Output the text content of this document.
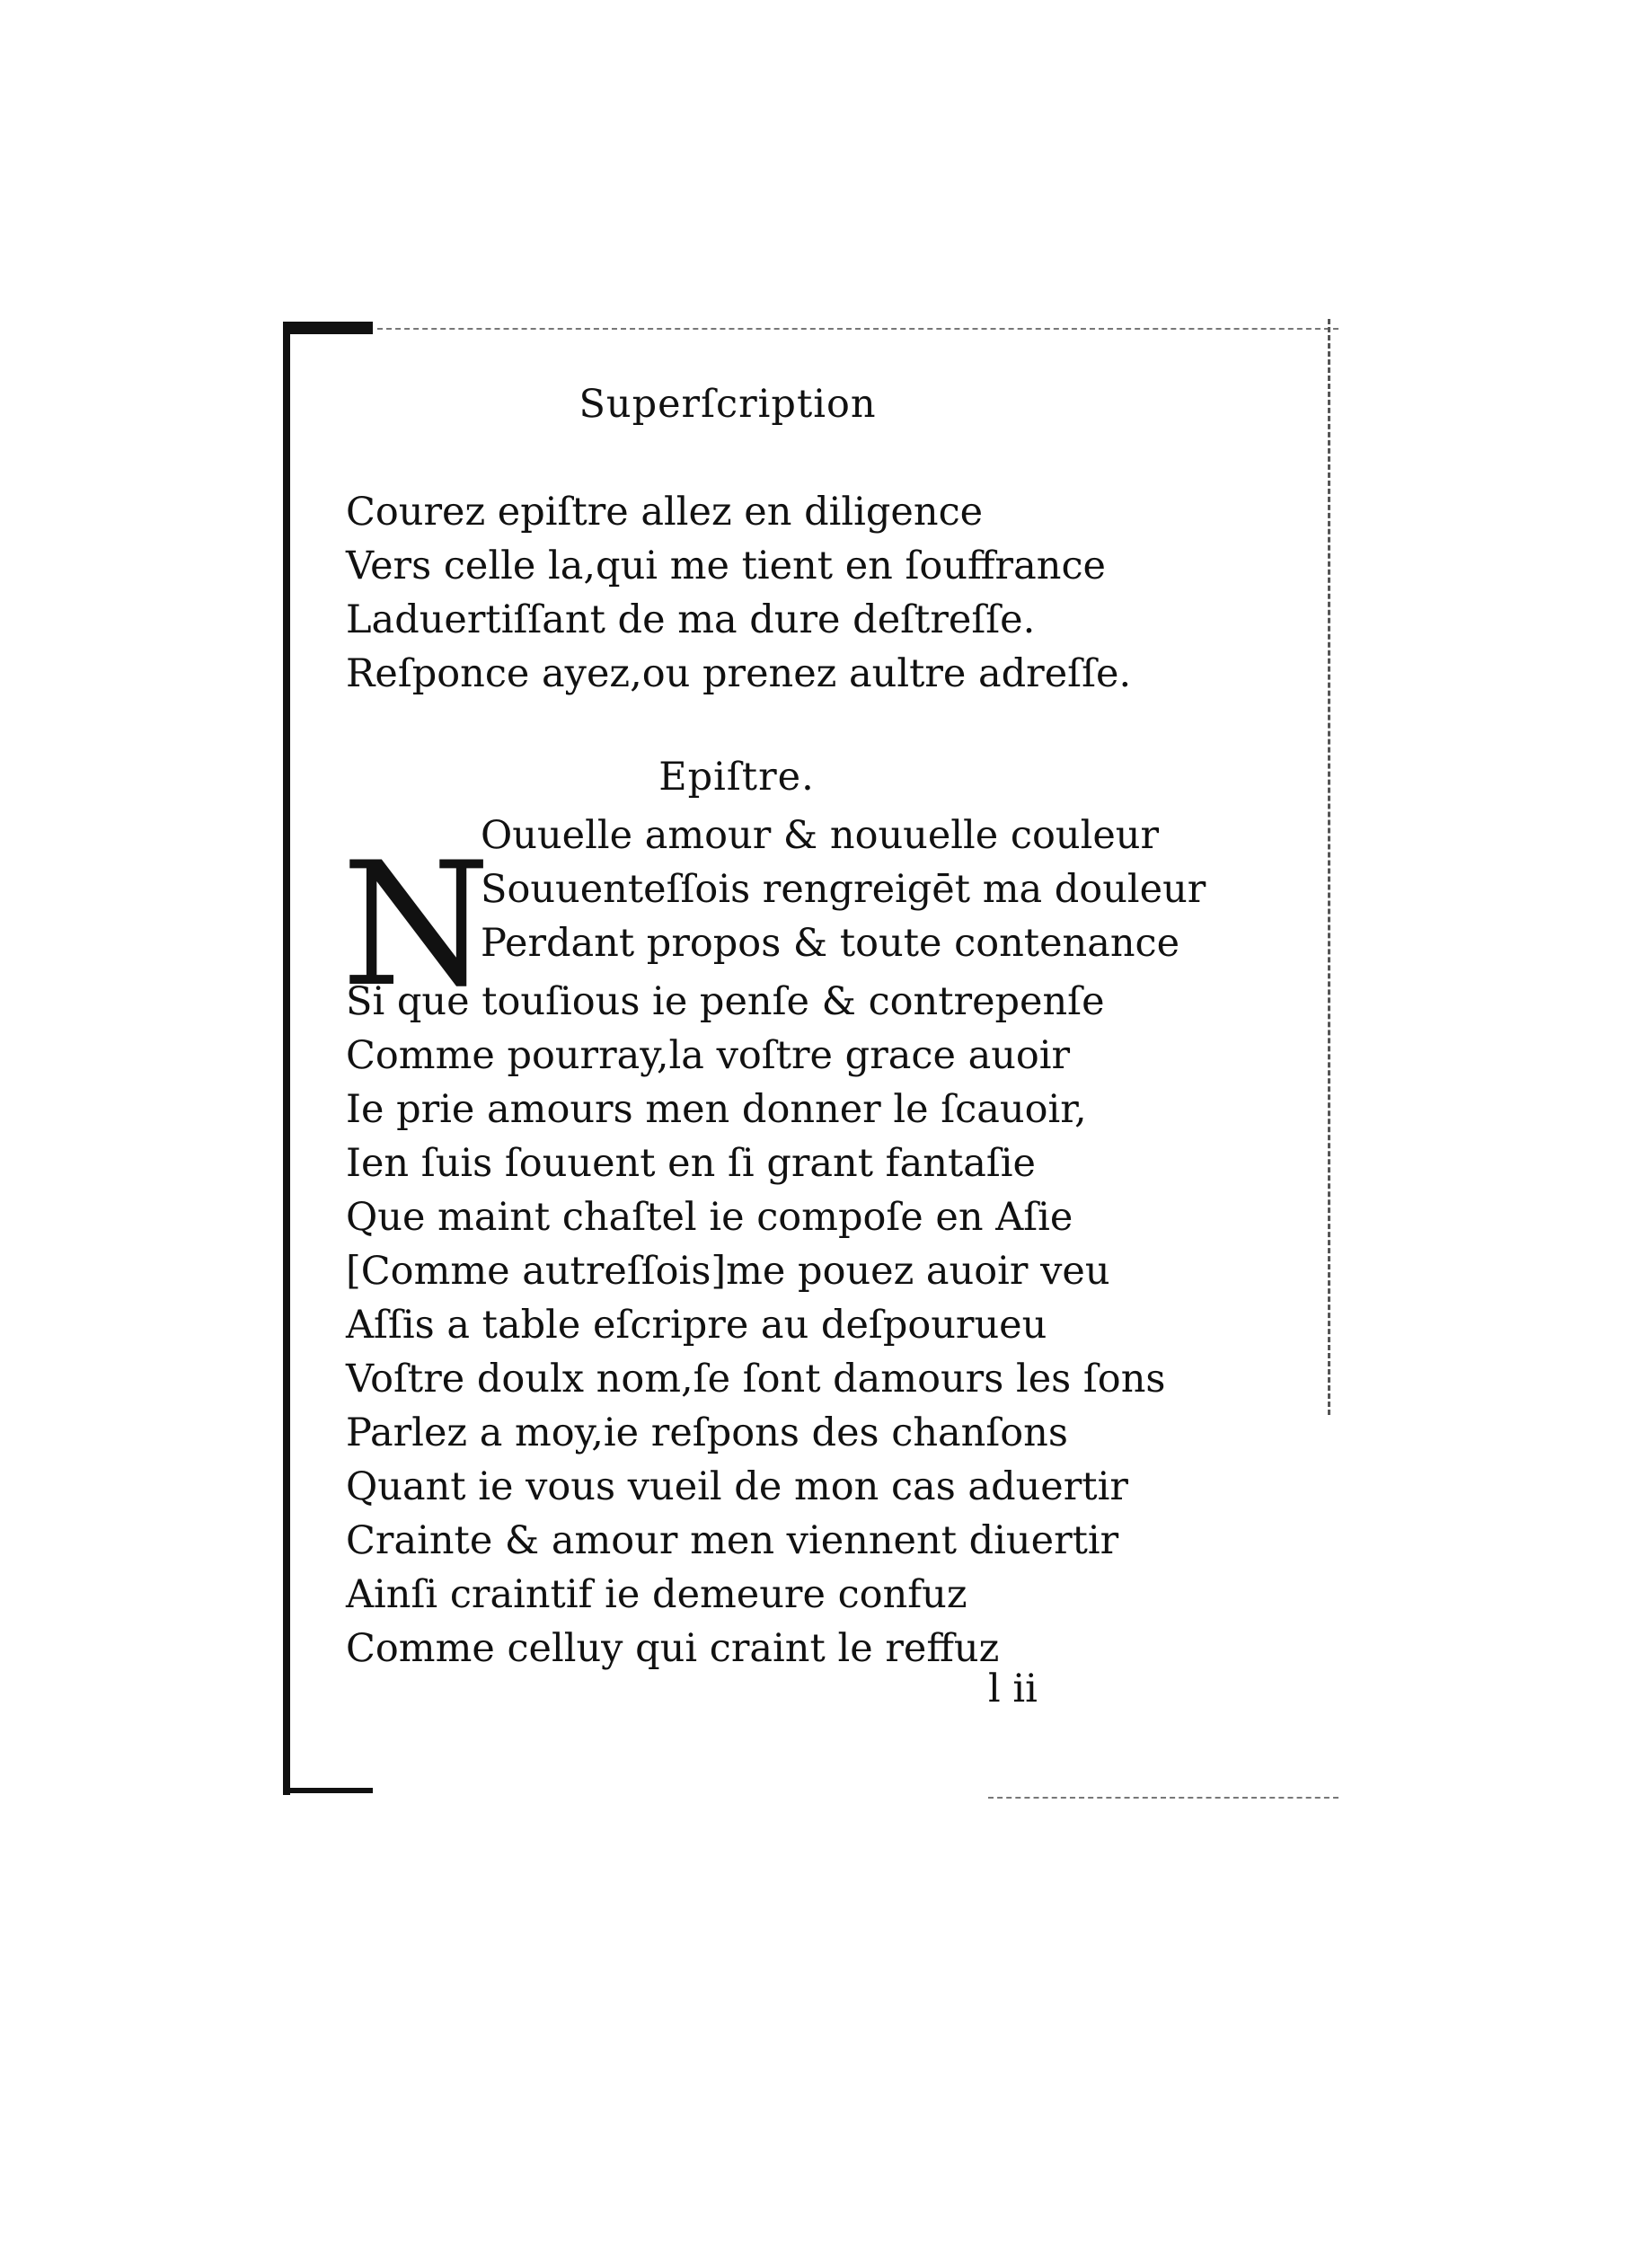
Superſcription
Courez epiſtre allez en diligence
Vers celle la,qui me tient en ſouffrance
Laduertiſſant de ma dure deſtreſſe.
Reſponce ayez,ou prenez aultre adreſſe.
Epiſtre.
N
Ouuelle amour & nouuelle couleur
Souuenteſſois rengreigēt ma douleur
Perdant propos & toute contenance
Si que touſious ie penſe & contrepenſe
Comme pourray,la voſtre grace auoir
Ie prie amours men donner le ſcauoir,
Ien ſuis ſouuent en ſi grant fantaſie
Que maint chaſtel ie compoſe en Aſie
[Comme autreſſois]me pouez auoir veu
Aſſis a table eſcripre au deſpourueu
Voſtre doulx nom,ſe ſont damours les ſons
Parlez a moy,ie reſpons des chanſons
Quant ie vous vueil de mon cas aduertir
Crainte & amour men viennent diuertir
Ainſi craintif ie demeure confuz
Comme celluy qui craint le reffuz
l ii
